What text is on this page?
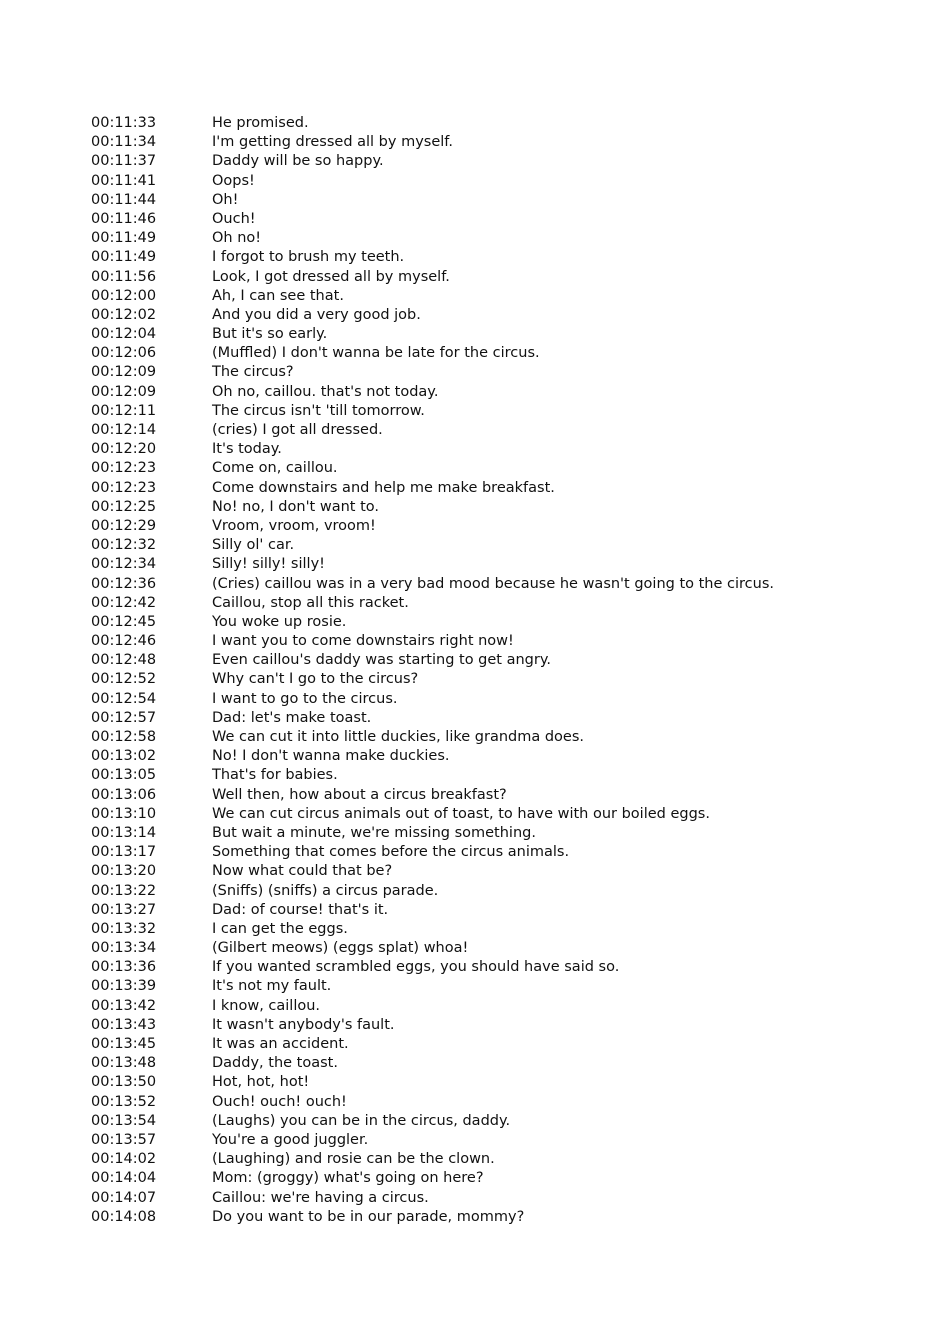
00:11:33	He promised.
00:11:34	I'm getting dressed all by myself.
00:11:37	Daddy will be so happy.
00:11:41	Oops!
00:11:44	Oh!
00:11:46	Ouch!
00:11:49	Oh no!
00:11:49	I forgot to brush my teeth.
00:11:56	Look, I got dressed all by myself.
00:12:00	Ah, I can see that.
00:12:02	And you did a very good job.
00:12:04	But it's so early.
00:12:06	(Muffled) I don't wanna be late for the circus.
00:12:09	The circus?
00:12:09	Oh no, caillou. that's not today.
00:12:11	The circus isn't 'till tomorrow.
00:12:14	(cries) I got all dressed.
00:12:20	It's today.
00:12:23	Come on, caillou.
00:12:23	Come downstairs and help me make breakfast.
00:12:25	No! no, I don't want to.
00:12:29	Vroom, vroom, vroom!
00:12:32	Silly ol' car.
00:12:34	Silly! silly! silly!
00:12:36	(Cries) caillou was in a very bad mood because he wasn't going to the circus.
00:12:42	Caillou, stop all this racket.
00:12:45	You woke up rosie.
00:12:46	I want you to come downstairs right now!
00:12:48	Even caillou's daddy was starting to get angry.
00:12:52	Why can't I go to the circus?
00:12:54	I want to go to the circus.
00:12:57	Dad: let's make toast.
00:12:58	We can cut it into little duckies, like grandma does.
00:13:02	No! I don't wanna make duckies.
00:13:05	That's for babies.
00:13:06	Well then, how about a circus breakfast?
00:13:10	We can cut circus animals out of toast, to have with our boiled eggs.
00:13:14	But wait a minute, we're missing something.
00:13:17	Something that comes before the circus animals.
00:13:20	Now what could that be?
00:13:22	(Sniffs) (sniffs) a circus parade.
00:13:27	Dad: of course! that's it.
00:13:32	I can get the eggs.
00:13:34	(Gilbert meows) (eggs splat) whoa!
00:13:36	If you wanted scrambled eggs, you should have said so.
00:13:39	It's not my fault.
00:13:42	I know, caillou.
00:13:43	It wasn't anybody's fault.
00:13:45	It was an accident.
00:13:48	Daddy, the toast.
00:13:50	Hot, hot, hot!
00:13:52	Ouch! ouch! ouch!
00:13:54	(Laughs) you can be in the circus, daddy.
00:13:57	You're a good juggler.
00:14:02	(Laughing) and rosie can be the clown.
00:14:04	Mom: (groggy) what's going on here?
00:14:07	Caillou: we're having a circus.
00:14:08	Do you want to be in our parade, mommy?
